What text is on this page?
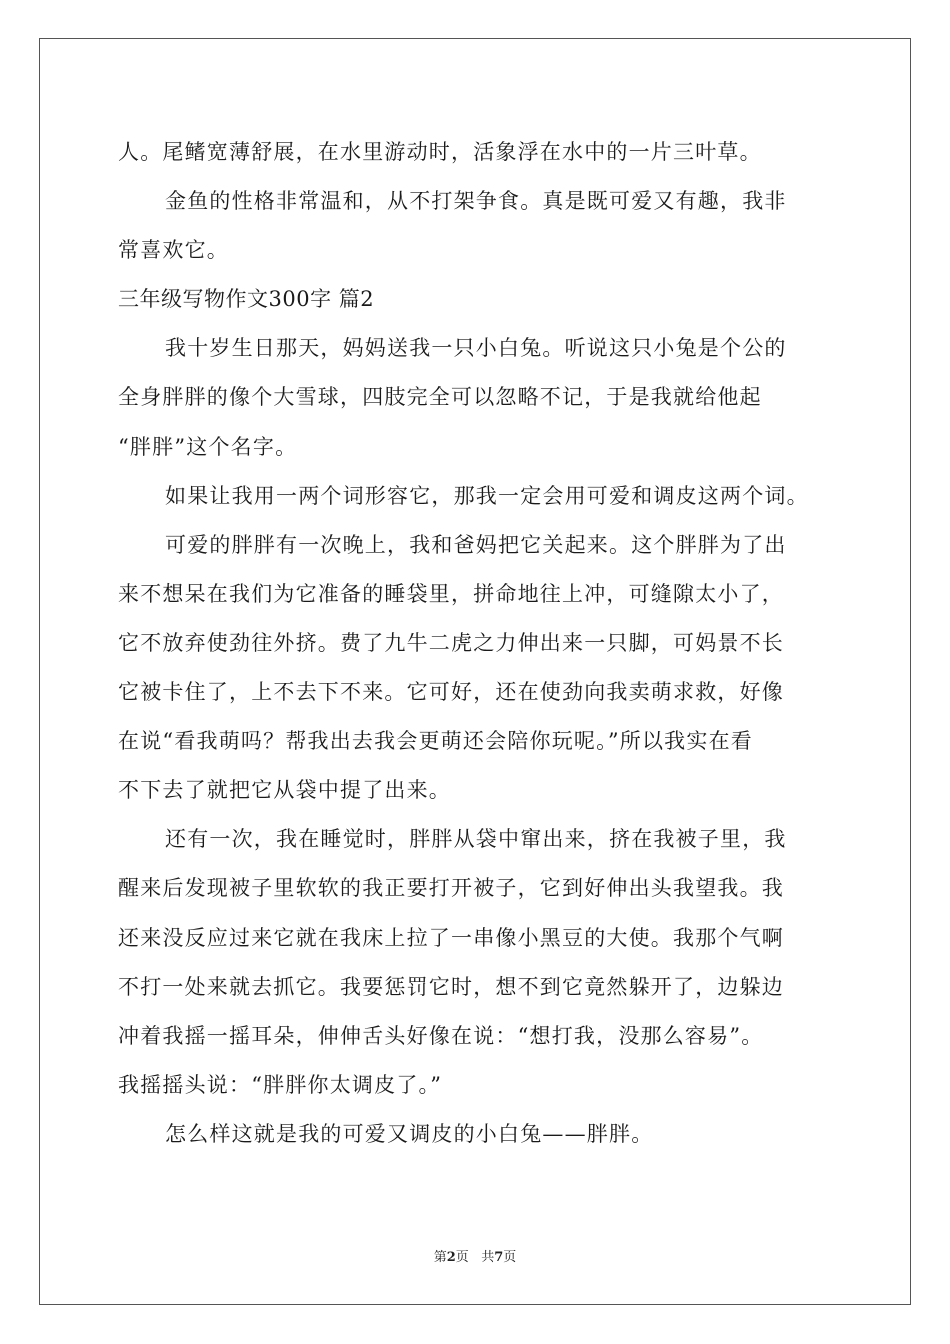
人。尾鳍宽薄舒展，在水里游动时，活象浮在水中的一片三叶草。
金鱼的性格非常温和，从不打架争食。真是既可爱又有趣，我非
常喜欢它。
三年级写物作文300字 篇2
我十岁生日那天，妈妈送我一只小白兔。听说这只小兔是个公的
全身胖胖的像个大雪球，四肢完全可以忽略不记，于是我就给他起
“胖胖”这个名字。
如果让我用一两个词形容它，那我一定会用可爱和调皮这两个词。
可爱的胖胖有一次晚上，我和爸妈把它关起来。这个胖胖为了出
来不想呆在我们为它准备的睡袋里，拼命地往上冲，可缝隙太小了，
它不放弃使劲往外挤。费了九牛二虎之力伸出来一只脚，可妈景不长
它被卡住了，上不去下不来。它可好，还在使劲向我卖萌求救，好像
在说“看我萌吗？帮我出去我会更萌还会陪你玩呢。”所以我实在看
不下去了就把它从袋中提了出来。
还有一次，我在睡觉时，胖胖从袋中窜出来，挤在我被子里，我
醒来后发现被子里软软的我正要打开被子，它到好伸出头我望我。我
还来没反应过来它就在我床上拉了一串像小黑豆的大使。我那个气啊
不打一处来就去抓它。我要惩罚它时，想不到它竟然躲开了，边躲边
冲着我摇一摇耳朵，伸伸舌头好像在说：“想打我，没那么容易”。
我摇摇头说：“胖胖你太调皮了。”
怎么样这就是我的可爱又调皮的小白兔——胖胖。
第2页 共7页
